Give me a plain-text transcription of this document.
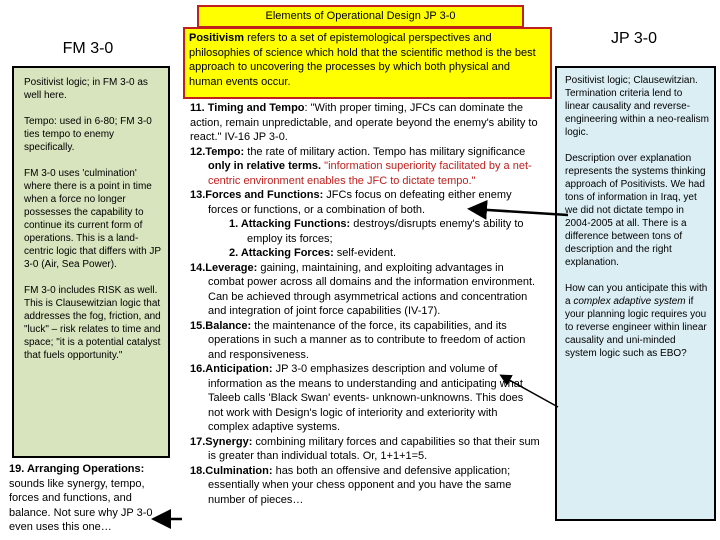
Elements of Operational Design JP 3-0
Positivism refers to a set of epistemological perspectives and philosophies of science which hold that the scientific method is the best approach to uncovering the processes by which both physical and human events occur.
FM 3-0

Positivist logic; in FM 3-0 as well here.

Tempo: used in 6-80; FM 3-0 ties tempo to enemy specifically.

FM 3-0 uses 'culmination' where there is a point in time when a force no longer possesses the capability to continue its current form of operations. This is a land-centric logic that differs with JP 3-0 (Air, Sea Power).

FM 3-0 includes RISK as well. This is Clausewitzian logic that addresses the fog, friction, and "luck" – risk relates to time and space; "it is a potential catalyst that fuels opportunity."

JP 3-0

Positivist logic; Clausewitzian. Termination criteria lend to linear causality and reverse-engineering within a neo-realism logic.

Description over explanation represents the systems thinking approach of Positivists. We had tons of information in Iraq, yet we did not dictate tempo in 2004-2005 at all. There is a difference between tons of description and the right explanation.

How can you anticipate this with a complex adaptive system if your planning logic requires you to reverse engineer within linear causality and uni-minded system logic such as EBO?

11. Timing and Tempo: "With proper timing, JFCs can dominate the action, remain unpredictable, and operate beyond the enemy's ability to react." IV-16 JP 3-0.
12.Tempo: the rate of military action. Tempo has military significance only in relative terms. "information superiority facilitated by a net-centric environment enables the JFC to dictate tempo."
13.Forces and Functions: JFCs focus on defeating either enemy forces or functions, or a combination of both.
1. Attacking Functions: destroys/disrupts enemy's ability to employ its forces;
2. Attacking Forces: self-evident.
14.Leverage: gaining, maintaining, and exploiting advantages in combat power across all domains and the information environment. Can be achieved through asymmetrical actions and concentration and integration of joint force capabilities (IV-17).
15.Balance: the maintenance of the force, its capabilities, and its operations in such a manner as to contribute to freedom of action and responsiveness.
16.Anticipation: JP 3-0 emphasizes description and volume of information as the means to understanding and anticipating what Taleeb calls 'Black Swan' events- unknown-unknowns. This does not work with Design's logic of interiority and exteriority with complex adaptive systems.
17.Synergy: combining military forces and capabilities so that their sum is greater than individual totals. Or, 1+1+1=5.
18.Culmination: has both an offensive and defensive application; essentially when your chess opponent and you have the same number of pieces…
19. Arranging Operations: sounds like synergy, tempo, forces and functions, and balance. Not sure why JP 3-0 even uses this one…
